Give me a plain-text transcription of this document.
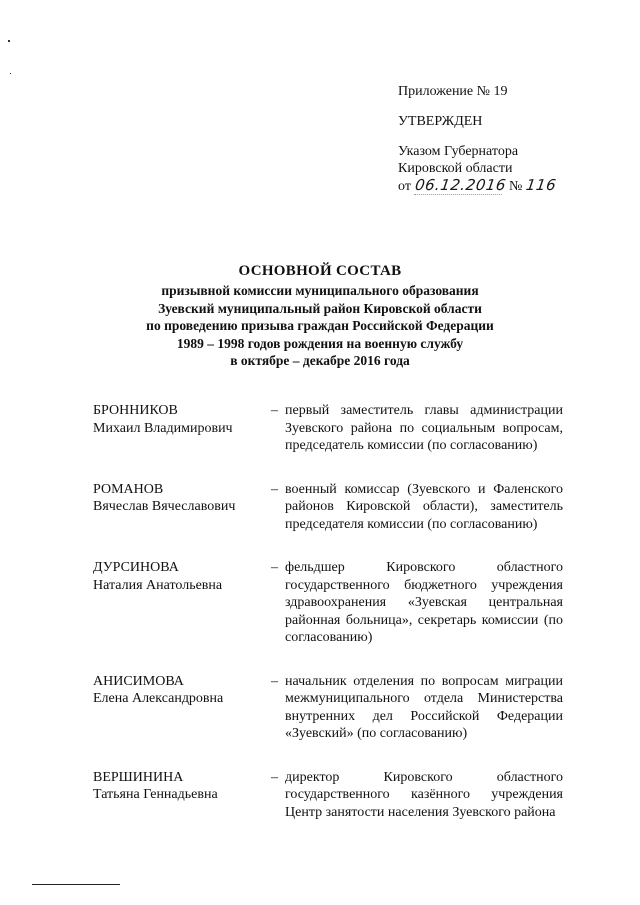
Приложение № 19
УТВЕРЖДЕН
Указом Губернатора
Кировской области
от 06.12.2016 № 116
ОСНОВНОЙ СОСТАВ
призывной комиссии муниципального образования
Зуевский муниципальный район Кировской области
по проведению призыва граждан Российской Федерации
1989 – 1998 годов рождения на военную службу
в октябре – декабре 2016 года
БРОННИКОВ
Михаил Владимирович
– первый заместитель главы администрации Зуевского района по социальным вопросам, председатель комиссии (по согласованию)
РОМАНОВ
Вячеслав Вячеславович
– военный комиссар (Зуевского и Фаленского районов Кировской области), заместитель председателя комиссии (по согласованию)
ДУРСИНОВА
Наталия Анатольевна
– фельдшер Кировского областного государственного бюджетного учреждения здравоохранения «Зуевская центральная районная больница», секретарь комиссии (по согласованию)
АНИСИМОВА
Елена Александровна
– начальник отделения по вопросам миграции межмуниципального отдела Министерства внутренних дел Российской Федерации «Зуевский» (по согласованию)
ВЕРШИНИНА
Татьяна Геннадьевна
– директор Кировского областного государственного казённого учреждения Центр занятости населения Зуевского района
